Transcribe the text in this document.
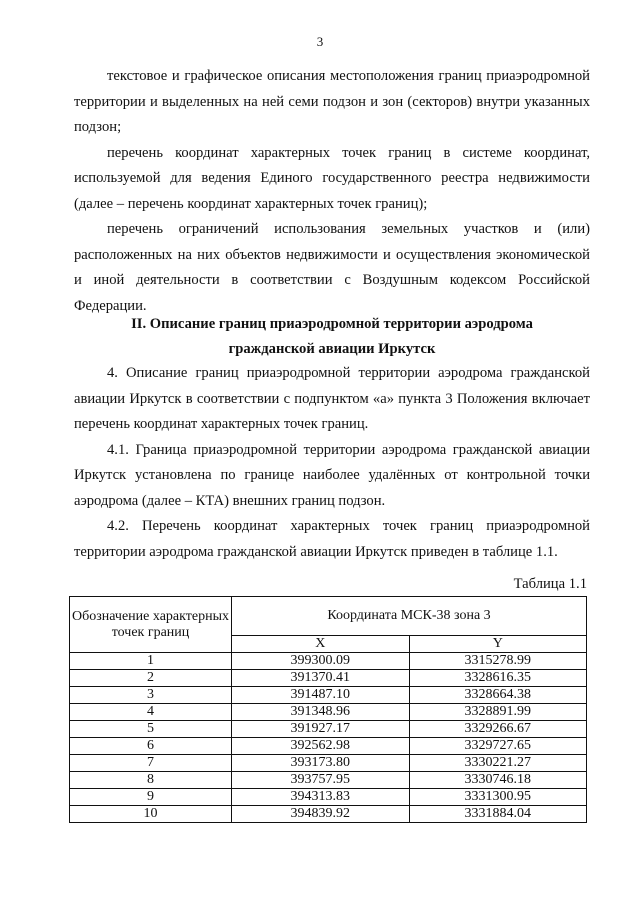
3

текстовое и графическое описания местоположения границ приаэродромной территории и выделенных на ней семи подзон и зон (секторов) внутри указанных подзон;

перечень координат характерных точек границ в системе координат, используемой для ведения Единого государственного реестра недвижимости (далее – перечень координат характерных точек границ);

перечень ограничений использования земельных участков и (или) расположенных на них объектов недвижимости и осуществления экономической и иной деятельности в соответствии с Воздушным кодексом Российской Федерации.

II. Описание границ приаэродромной территории аэродрома
гражданской авиации Иркутск

4. Описание границ приаэродромной территории аэродрома гражданской авиации Иркутск в соответствии с подпунктом «а» пункта 3 Положения включает перечень координат характерных точек границ.

4.1. Граница приаэродромной территории аэродрома гражданской авиации Иркутск установлена по границе наиболее удалённых от контрольной точки аэродрома (далее – КТА) внешних границ подзон.

4.2. Перечень координат характерных точек границ приаэродромной территории аэродрома гражданской авиации Иркутск приведен в таблице 1.1.

Таблица 1.1
Обозначение характерных точек границ	Координата МСК-38 зона 3	
	X	Y
1	399300.09	3315278.99
2	391370.41	3328616.35
3	391487.10	3328664.38
4	391348.96	3328891.99
5	391927.17	3329266.67
6	392562.98	3329727.65
7	393173.80	3330221.27
8	393757.95	3330746.18
9	394313.83	3331300.95
10	394839.92	3331884.04
